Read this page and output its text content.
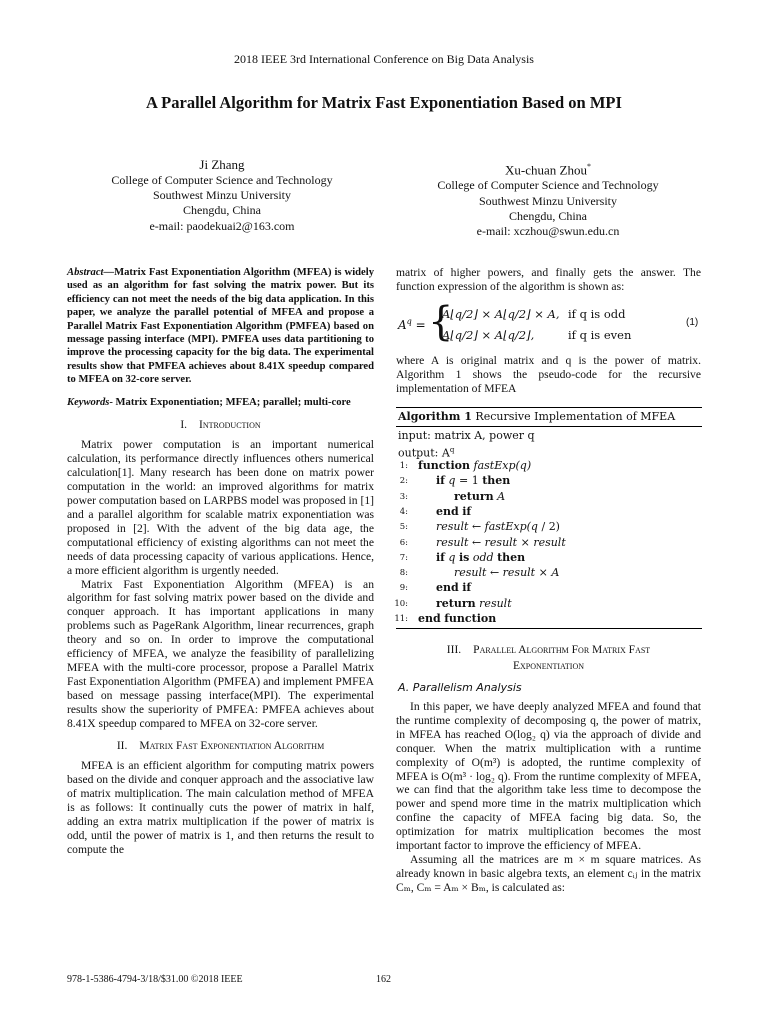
2018 IEEE 3rd International Conference on Big Data Analysis
A Parallel Algorithm for Matrix Fast Exponentiation Based on MPI
Ji Zhang
College of Computer Science and Technology
Southwest Minzu University
Chengdu, China
e-mail: paodekuai2@163.com
Xu-chuan Zhou*
College of Computer Science and Technology
Southwest Minzu University
Chengdu, China
e-mail: xczhou@swun.edu.cn

Abstract—Matrix Fast Exponentiation Algorithm (MFEA) is widely used as an algorithm for fast solving the matrix power. But its efficiency can not meet the needs of the big data application. In this paper, we analyze the parallel potential of MFEA and propose a Parallel Matrix Fast Exponentiation Algorithm (PMFEA) based on message passing interface (MPI). PMFEA uses data partitioning to improve the processing capacity for the big data. The experimental results show that PMFEA achieves about 8.41X speedup compared to MFEA on 32-core server.

Keywords- Matrix Exponentiation; MFEA; parallel; multi-core

I. Introduction

Matrix power computation is an important numerical calculation, its performance directly influences others numerical calculation[1]. Many research has been done on matrix power computation in the world: an improved algorithms for matrix power computation based on LARPBS model was proposed in [1] and a parallel algorithm for scalable matrix exponentiation was proposed in [2]. With the advent of the big data age, the computational efficiency of existing algorithms can not meet the needs of data processing capacity of various applications. Hence, a more efficient algorithm is urgently needed.

Matrix Fast Exponentiation Algorithm (MFEA) is an algorithm for fast solving matrix power based on the divide and conquer approach. It has important applications in many problems such as PageRank Algorithm, linear recurrences, graph theory and so on. In order to improve the computational efficiency of MFEA, we analyze the feasibility of parallelizing MFEA with the multi-core processor, propose a Parallel Matrix Fast Exponentiation Algorithm (PMFEA) and implement PMFEA based on message passing interface(MPI). The experimental results show the superiority of PMFEA: PMFEA achieves about 8.41X speedup compared to MFEA on 32-core server.

II. Matrix Fast Exponentiation Algorithm

MFEA is an efficient algorithm for computing matrix powers based on the divide and conquer approach and the associative law of matrix multiplication. The main calculation method of MFEA is as follows: It continually cuts the power of matrix in half, adding an extra matrix multiplication if the power of matrix is odd, until the power of matrix is 1, and then returns the result to compute the

matrix of higher powers, and finally gets the answer. The function expression of the algorithm is shown as:

$A^q$ = {
A⌊q/2⌋ × A⌊q/2⌋ × A, if q is odd
A⌊q/2⌋ × A⌊q/2⌋,	if q is even
(1)

where A is original matrix and q is the power of matrix. Algorithm 1 shows the pseudo-code for the recursive implementation of MFEA

Algorithm 1 Recursive Implementation of MFEA
input: matrix A, power q
output: $A^q$
1: function fastExp(q)
2:	if q = 1 then
3:	return A
4:	end if
5:	result ← fastExp(q / 2)
6:	result ← result × result
7:	if q is odd then
8:	result ← result × A
9:	end if
10:	return result
11: end function
III. Parallel Algorithm For Matrix Fast
Exponentiation
A. Parallelism Analysis

In this paper, we have deeply analyzed MFEA and found that the runtime complexity of decomposing q, the power of matrix, in MFEA has reached O(log₂ q) via the approach of divide and conquer. When the matrix multiplication with a runtime complexity of O(m³) is adopted, the runtime complexity of MFEA is O(m³ · log₂ q). From the runtime complexity of MFEA, we can find that the algorithm take less time to decompose the power and spend more time in the matrix multiplication which confine the capacity of MFEA facing big data. So, the optimization for matrix multiplication becomes the most important factor to improve the efficiency of MFEA.

Assuming all the matrices are m × m square matrices. As already known in basic algebra texts, an element cᵢⱼ in the matrix Cₘ, Cₘ = Aₘ × Bₘ, is calculated as:

978-1-5386-4794-3/18/$31.00 ©2018 IEEE	162
